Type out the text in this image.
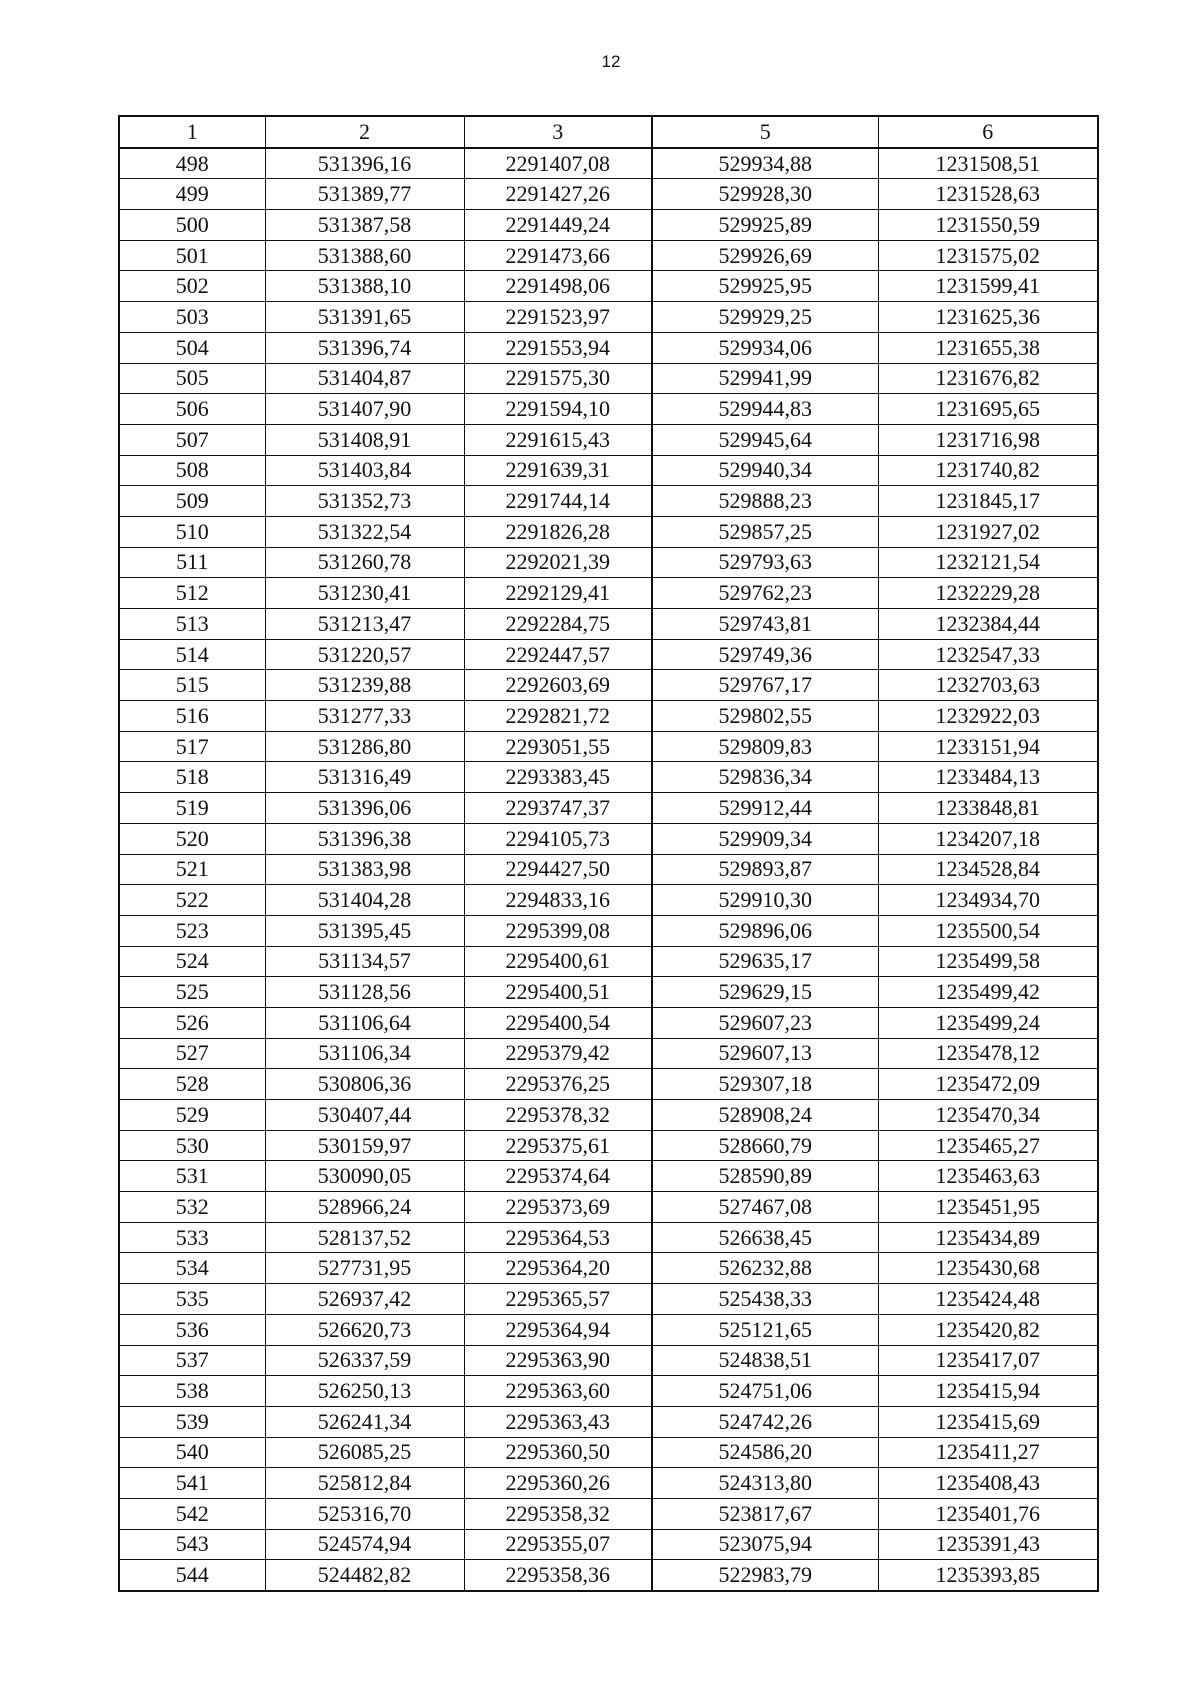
12
1	2	3	5	6
498	531396,16	2291407,08	529934,88	1231508,51
499	531389,77	2291427,26	529928,30	1231528,63
500	531387,58	2291449,24	529925,89	1231550,59
501	531388,60	2291473,66	529926,69	1231575,02
502	531388,10	2291498,06	529925,95	1231599,41
503	531391,65	2291523,97	529929,25	1231625,36
504	531396,74	2291553,94	529934,06	1231655,38
505	531404,87	2291575,30	529941,99	1231676,82
506	531407,90	2291594,10	529944,83	1231695,65
507	531408,91	2291615,43	529945,64	1231716,98
508	531403,84	2291639,31	529940,34	1231740,82
509	531352,73	2291744,14	529888,23	1231845,17
510	531322,54	2291826,28	529857,25	1231927,02
511	531260,78	2292021,39	529793,63	1232121,54
512	531230,41	2292129,41	529762,23	1232229,28
513	531213,47	2292284,75	529743,81	1232384,44
514	531220,57	2292447,57	529749,36	1232547,33
515	531239,88	2292603,69	529767,17	1232703,63
516	531277,33	2292821,72	529802,55	1232922,03
517	531286,80	2293051,55	529809,83	1233151,94
518	531316,49	2293383,45	529836,34	1233484,13
519	531396,06	2293747,37	529912,44	1233848,81
520	531396,38	2294105,73	529909,34	1234207,18
521	531383,98	2294427,50	529893,87	1234528,84
522	531404,28	2294833,16	529910,30	1234934,70
523	531395,45	2295399,08	529896,06	1235500,54
524	531134,57	2295400,61	529635,17	1235499,58
525	531128,56	2295400,51	529629,15	1235499,42
526	531106,64	2295400,54	529607,23	1235499,24
527	531106,34	2295379,42	529607,13	1235478,12
528	530806,36	2295376,25	529307,18	1235472,09
529	530407,44	2295378,32	528908,24	1235470,34
530	530159,97	2295375,61	528660,79	1235465,27
531	530090,05	2295374,64	528590,89	1235463,63
532	528966,24	2295373,69	527467,08	1235451,95
533	528137,52	2295364,53	526638,45	1235434,89
534	527731,95	2295364,20	526232,88	1235430,68
535	526937,42	2295365,57	525438,33	1235424,48
536	526620,73	2295364,94	525121,65	1235420,82
537	526337,59	2295363,90	524838,51	1235417,07
538	526250,13	2295363,60	524751,06	1235415,94
539	526241,34	2295363,43	524742,26	1235415,69
540	526085,25	2295360,50	524586,20	1235411,27
541	525812,84	2295360,26	524313,80	1235408,43
542	525316,70	2295358,32	523817,67	1235401,76
543	524574,94	2295355,07	523075,94	1235391,43
544	524482,82	2295358,36	522983,79	1235393,85
